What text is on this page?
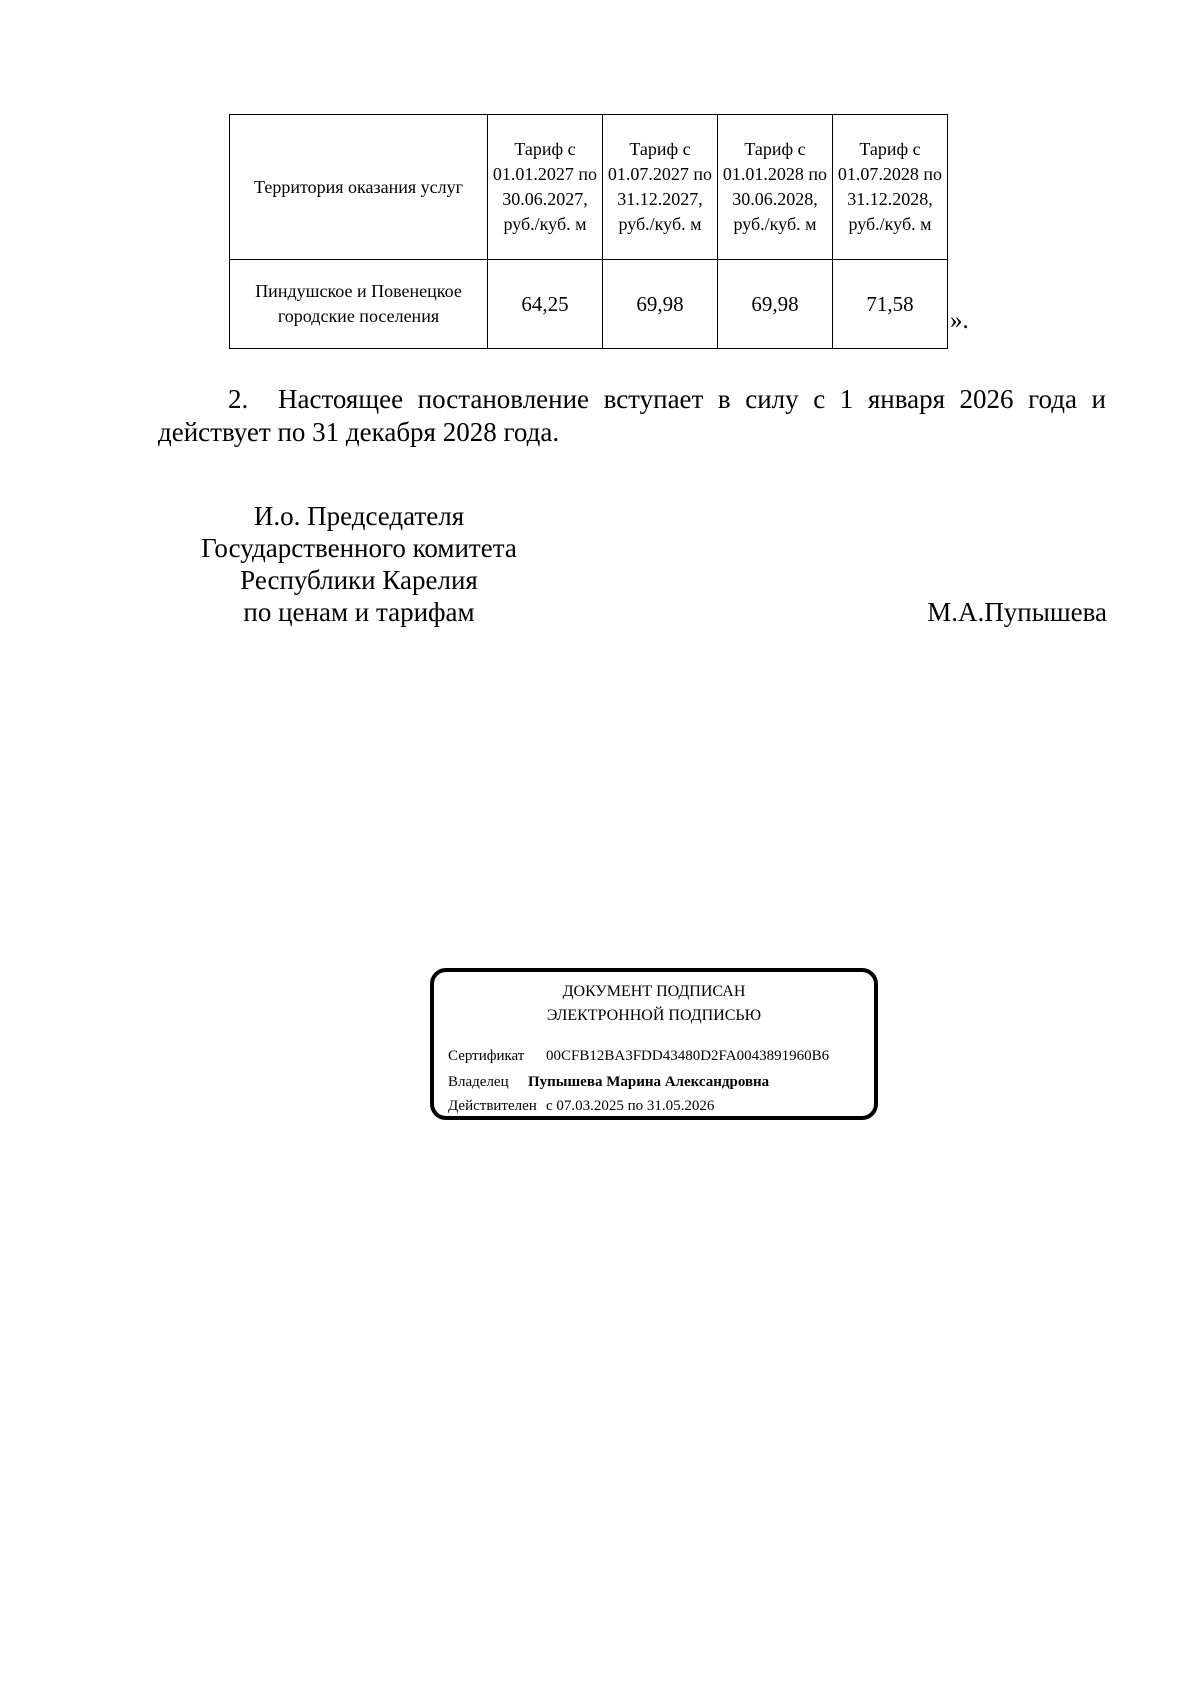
Территория оказания услуг	Тариф с 01.01.2027 по 30.06.2027, руб./куб. м	Тариф с 01.07.2027 по 31.12.2027, руб./куб. м	Тариф с 01.01.2028 по 30.06.2028, руб./куб. м	Тариф с 01.07.2028 по 31.12.2028, руб./куб. м
Пиндушское и Повенецкое городские поселения	64,25	69,98	69,98	71,58
».
2. Настоящее постановление вступает в силу с 1 января 2026 года и действует по 31 декабря 2028 года.
И.о. Председателя
Государственного комитета
Республики Карелия
по ценам и тарифам	М.А.Пупышева
ДОКУМЕНТ ПОДПИСАН
ЭЛЕКТРОННОЙ ПОДПИСЬЮ
Сертификат 00CFB12BA3FDD43480D2FA0043891960B6
Владелец Пупышева Марина Александровна
Действителен с 07.03.2025 по 31.05.2026
